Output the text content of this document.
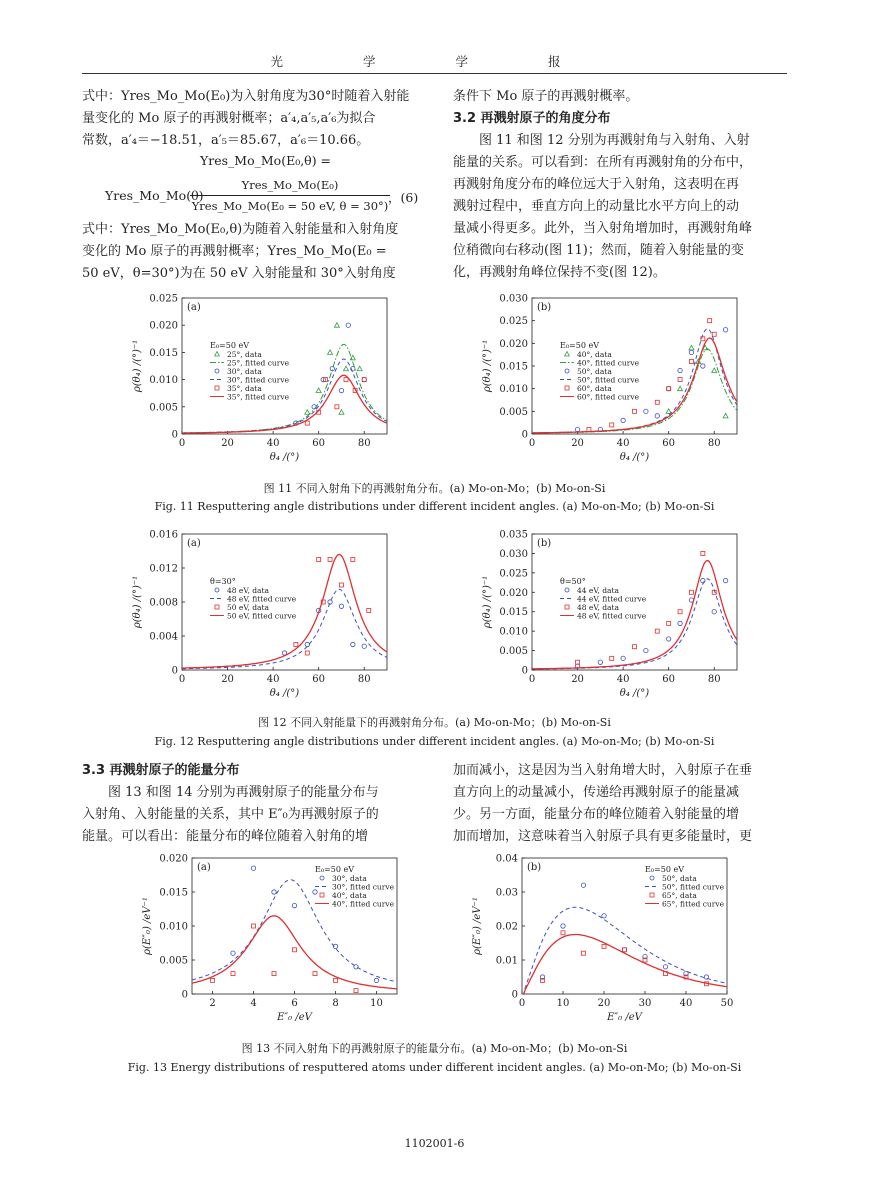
光 学 学 报
式中：Yres_Mo_Mo(E₀)为入射角度为30°时随着入射能
量变化的 Mo 原子的再溅射概率；a′₄,a′₅,a′₆为拟合
常数，a′₄＝−18.51，a′₅＝85.67，a′₆＝10.66。
Yres_Mo_Mo(E₀,θ) =
Yres_Mo_Mo(θ)
Yres_Mo_Mo(E₀)
Yres_Mo_Mo(E₀ = 50 eV, θ = 30°)
，(6)
式中：Yres_Mo_Mo(E₀,θ)为随着入射能量和入射角度
变化的 Mo 原子的再溅射概率；Yres_Mo_Mo(E₀ =
50 eV，θ=30°)为在 50 eV 入射能量和 30°入射角度
条件下 Mo 原子的再溅射概率。
3.2 再溅射原子的角度分布
图 11 和图 12 分别为再溅射角与入射角、入射
能量的关系。可以看到：在所有再溅射角的分布中，
再溅射角度分布的峰位远大于入射角，这表明在再
溅射过程中，垂直方向上的动量比水平方向上的动
量减小得更多。此外，当入射角增加时，再溅射角峰
位稍微向右移动(图 11)；然而，随着入射能量的变
化，再溅射角峰位保持不变(图 12)。
0	20	40	60	80
0
0.005
0.010
0.015
0.020
0.025
θ₄ /(°)
ρ(θ₄) /(°)⁻¹
(a)
E₀=50 eV
25°, data
25°, fitted curve
30°, data
30°, fitted curve
35°, data
35°, fitted curve
0	20	40	60	80
0
0.005
0.010
0.015
0.020
0.025
0.030
θ₄ /(°)
ρ(θ₄) /(°)⁻¹
(b)
E₀=50 eV
40°, data
40°, fitted curve
50°, data
50°, fitted curve
60°, data
60°, fitted curve
图 11 不同入射角下的再溅射角分布。(a) Mo-on-Mo；(b) Mo-on-Si
Fig. 11 Resputtering angle distributions under different incident angles. (a) Mo-on-Mo; (b) Mo-on-Si
0	20	40	60	80
0
0.004
0.008
0.012
0.016
θ₄ /(°)
ρ(θ₄) /(°)⁻¹
(a)
θ=30°
48 eV, data
48 eV, fitted curve
50 eV, data
50 eV, fitted curve
0	20	40	60	80
0
0.005
0.010
0.015
0.020
0.025
0.030
0.035
θ₄ /(°)
ρ(θ₄) /(°)⁻¹
(b)
θ=50°
44 eV, data
44 eV, fitted curve
48 eV, data
48 eV, fitted curve
图 12 不同入射能量下的再溅射角分布。(a) Mo-on-Mo；(b) Mo-on-Si
Fig. 12 Resputtering angle distributions under different incident angles. (a) Mo-on-Mo; (b) Mo-on-Si
3.3 再溅射原子的能量分布
图 13 和图 14 分别为再溅射原子的能量分布与
入射角、入射能量的关系，其中 E″₀为再溅射原子的
能量。可以看出：能量分布的峰位随着入射角的增
加而减小，这是因为当入射角增大时，入射原子在垂
直方向上的动量减小，传递给再溅射原子的能量减
少。另一方面，能量分布的峰位随着入射能量的增
加而增加，这意味着当入射原子具有更多能量时，更
2	4	6	8	10
0
0.005
0.010
0.015
0.020
E″₀ /eV
ρ(E″₀) /eV⁻¹
(a)	E₀=50 eV
30°, data
30°, fitted curve
40°, data
40°, fitted curve
0	10	20	30	40	50
0
0.01
0.02
0.03
0.04
E″₀ /eV
ρ(E″₀) /eV⁻¹
(b)	E₀=50 eV
50°, data
50°, fitted curve
65°, data
65°, fitted curve
图 13 不同入射角下的再溅射原子的能量分布。(a) Mo-on-Mo；(b) Mo-on-Si
Fig. 13 Energy distributions of resputtered atoms under different incident angles. (a) Mo-on-Mo; (b) Mo-on-Si
1102001-6
